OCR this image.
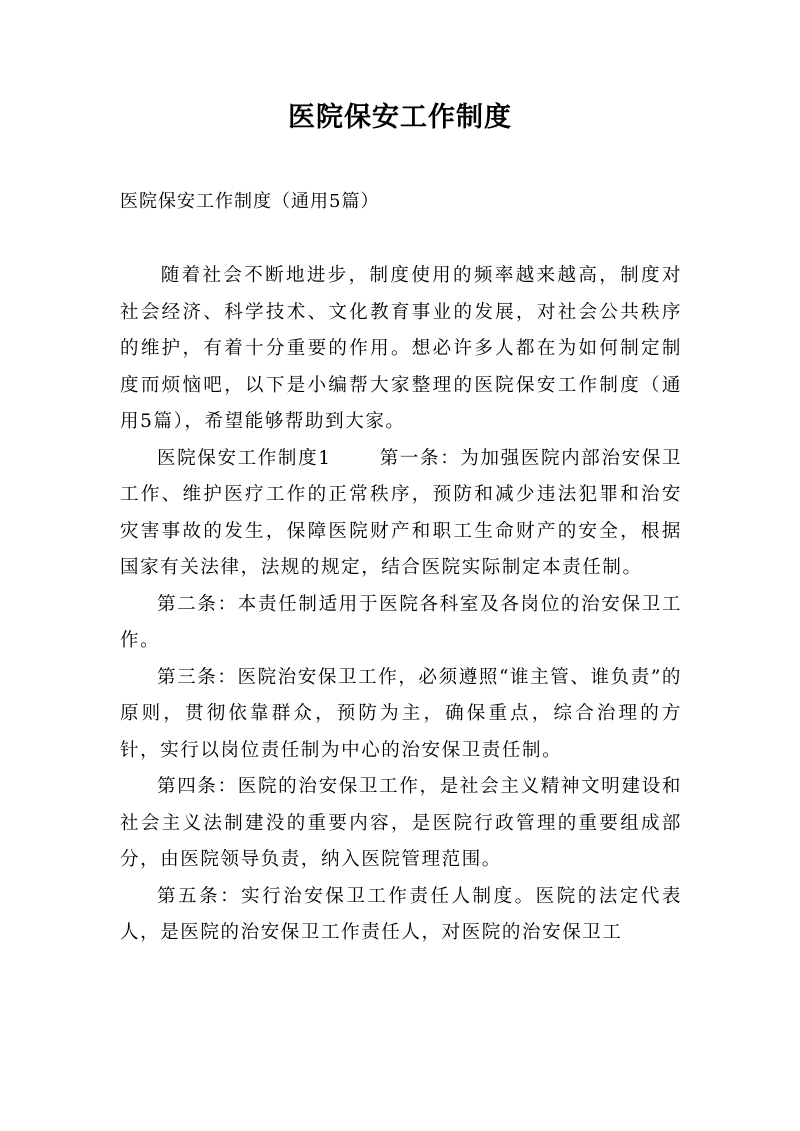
医院保安工作制度

医院保安工作制度（通用5篇）

随着社会不断地进步，制度使用的频率越来越高，制度对社会经济、科学技术、文化教育事业的发展，对社会公共秩序的维护，有着十分重要的作用。想必许多人都在为如何制定制度而烦恼吧，以下是小编帮大家整理的医院保安工作制度（通用5篇），希望能够帮助到大家。

医院保安工作制度1	第一条：为加强医院内部治安保卫工作、维护医疗工作的正常秩序，预防和减少违法犯罪和治安灾害事故的发生，保障医院财产和职工生命财产的安全，根据国家有关法律，法规的规定，结合医院实际制定本责任制。

第二条：本责任制适用于医院各科室及各岗位的治安保卫工作。

第三条：医院治安保卫工作，必须遵照“谁主管、谁负责”的原则，贯彻依靠群众，预防为主，确保重点，综合治理的方针，实行以岗位责任制为中心的治安保卫责任制。

第四条：医院的治安保卫工作，是社会主义精神文明建设和社会主义法制建没的重要内容，是医院行政管理的重要组成部分，由医院领导负责，纳入医院管理范围。

第五条：实行治安保卫工作责任人制度。医院的法定代表人，是医院的治安保卫工作责任人，对医院的治安保卫工
